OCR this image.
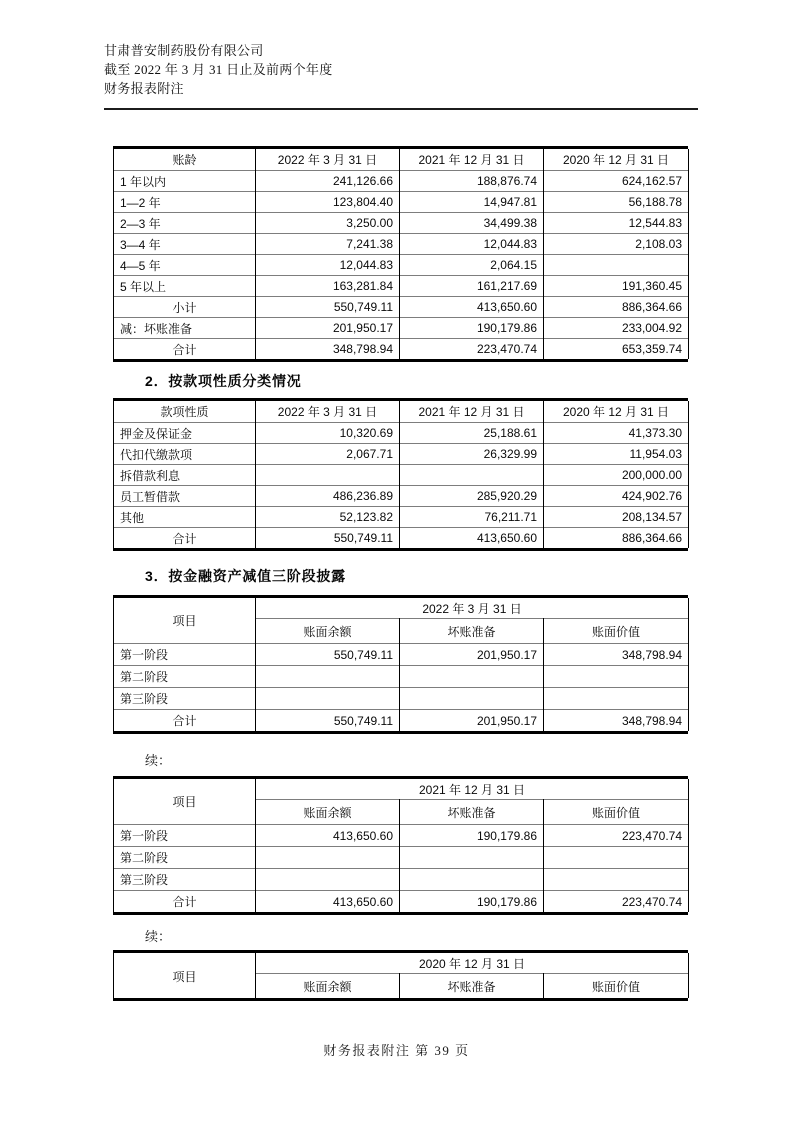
甘肃普安制药股份有限公司
截至 2022 年 3 月 31 日止及前两个年度
财务报表附注
账龄	2022 年 3 月 31 日	2021 年 12 月 31 日	2020 年 12 月 31 日
1 年以内	241,126.66	188,876.74	624,162.57
1—2 年	123,804.40	14,947.81	56,188.78
2—3 年	3,250.00	34,499.38	12,544.83
3—4 年	7,241.38	12,044.83	2,108.03
4—5 年	12,044.83	2,064.15	
5 年以上	163,281.84	161,217.69	191,360.45
小计	550,749.11	413,650.60	886,364.66
减：坏账准备	201,950.17	190,179.86	233,004.92
合计	348,798.94	223,470.74	653,359.74
2．按款项性质分类情况
款项性质	2022 年 3 月 31 日	2021 年 12 月 31 日	2020 年 12 月 31 日
押金及保证金	10,320.69	25,188.61	41,373.30
代扣代缴款项	2,067.71	26,329.99	11,954.03
拆借款利息			200,000.00
员工暂借款	486,236.89	285,920.29	424,902.76
其他	52,123.82	76,211.71	208,134.57
合计	550,749.11	413,650.60	886,364.66
3．按金融资产减值三阶段披露
项目	2022 年 3 月 31 日		
	账面余额	坏账准备	账面价值
第一阶段	550,749.11	201,950.17	348,798.94
第二阶段			
第三阶段			
合计	550,749.11	201,950.17	348,798.94
续：
项目	2021 年 12 月 31 日		
	账面余额	坏账准备	账面价值
第一阶段	413,650.60	190,179.86	223,470.74
第二阶段			
第三阶段			
合计	413,650.60	190,179.86	223,470.74
续：
项目	2020 年 12 月 31 日		
	账面余额	坏账准备	账面价值
财务报表附注 第 39 页
